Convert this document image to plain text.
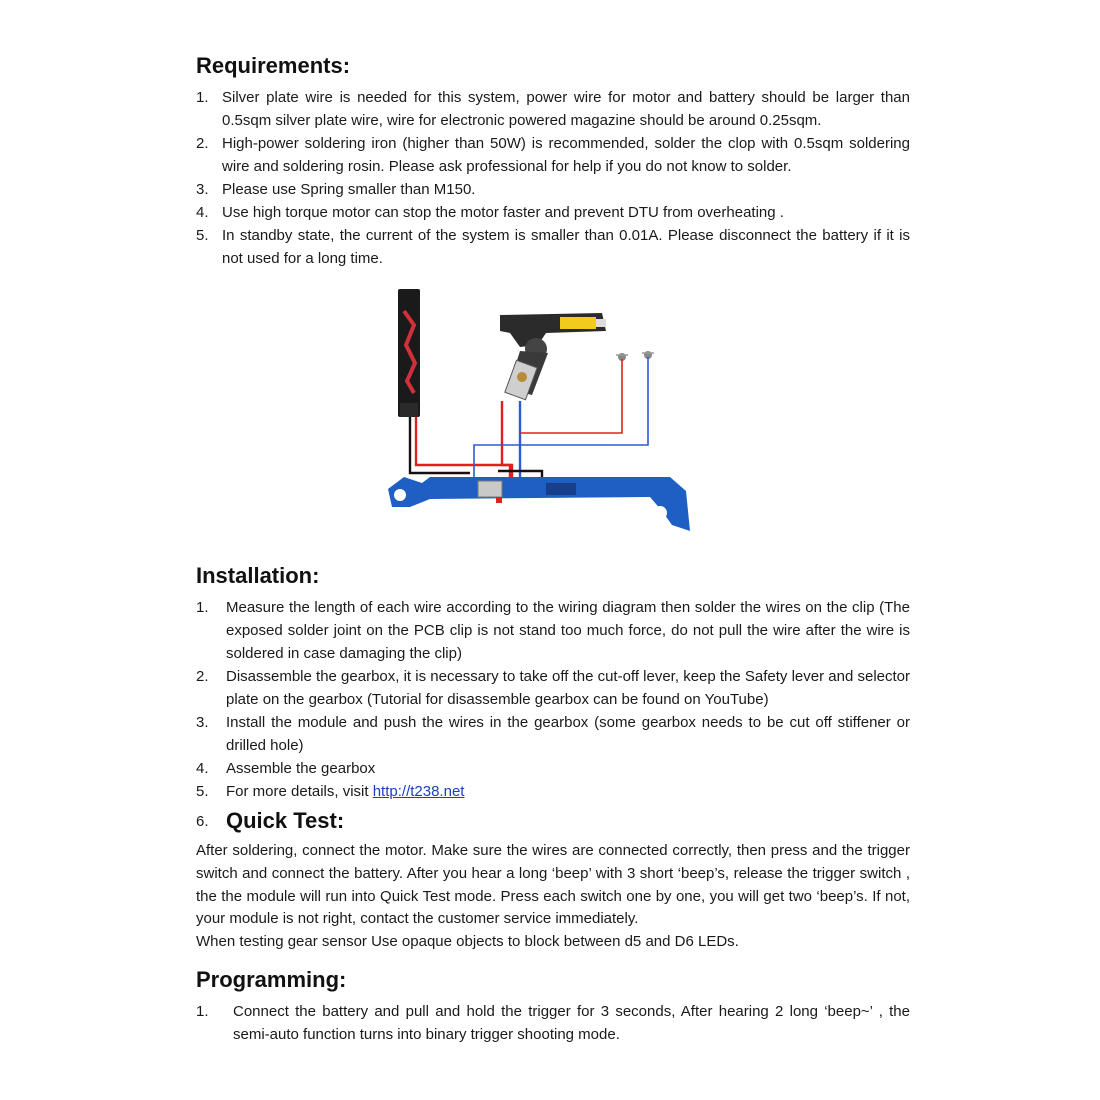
Requirements:
1. Silver plate wire is needed for this system, power wire for motor and battery should be larger than 0.5sqm silver plate wire, wire for electronic powered magazine should be around 0.25sqm.
2. High-power soldering iron (higher than 50W) is recommended, solder the clop with 0.5sqm soldering wire and soldering rosin. Please ask professional for help if you do not know to solder.
3. Please use Spring smaller than M150.
4. Use high torque motor can stop the motor faster and prevent DTU from overheating .
5. In standby state, the current of the system is smaller than 0.01A. Please disconnect the battery if it is not used for a long time.
Installation:
1. Measure the length of each wire according to the wiring diagram then solder the wires on the clip (The exposed solder joint on the PCB clip is not stand too much force, do not pull the wire after the wire is soldered in case damaging the clip)
2. Disassemble the gearbox, it is necessary to take off the cut-off lever, keep the Safety lever and selector plate on the gearbox (Tutorial for disassemble gearbox can be found on YouTube)
3. Install the module and push the wires in the gearbox (some gearbox needs to be cut off stiffener or drilled hole)
4. Assemble the gearbox
5. For more details, visit http://t238.net
6. Quick Test:

After soldering, connect the motor. Make sure the wires are connected correctly, then press and the trigger switch and connect the battery. After you hear a long ‘beep’ with 3 short ‘beep’s, release the trigger switch , the the module will run into Quick Test mode. Press each switch one by one, you will get two ‘beep’s. If not, your module is not right, contact the customer service immediately.

When testing gear sensor Use opaque objects to block between d5 and D6 LEDs.

Programming:
1. Connect the battery and pull and hold the trigger for 3 seconds, After hearing 2 long ‘beep~’ , the semi-auto function turns into binary trigger shooting mode.
